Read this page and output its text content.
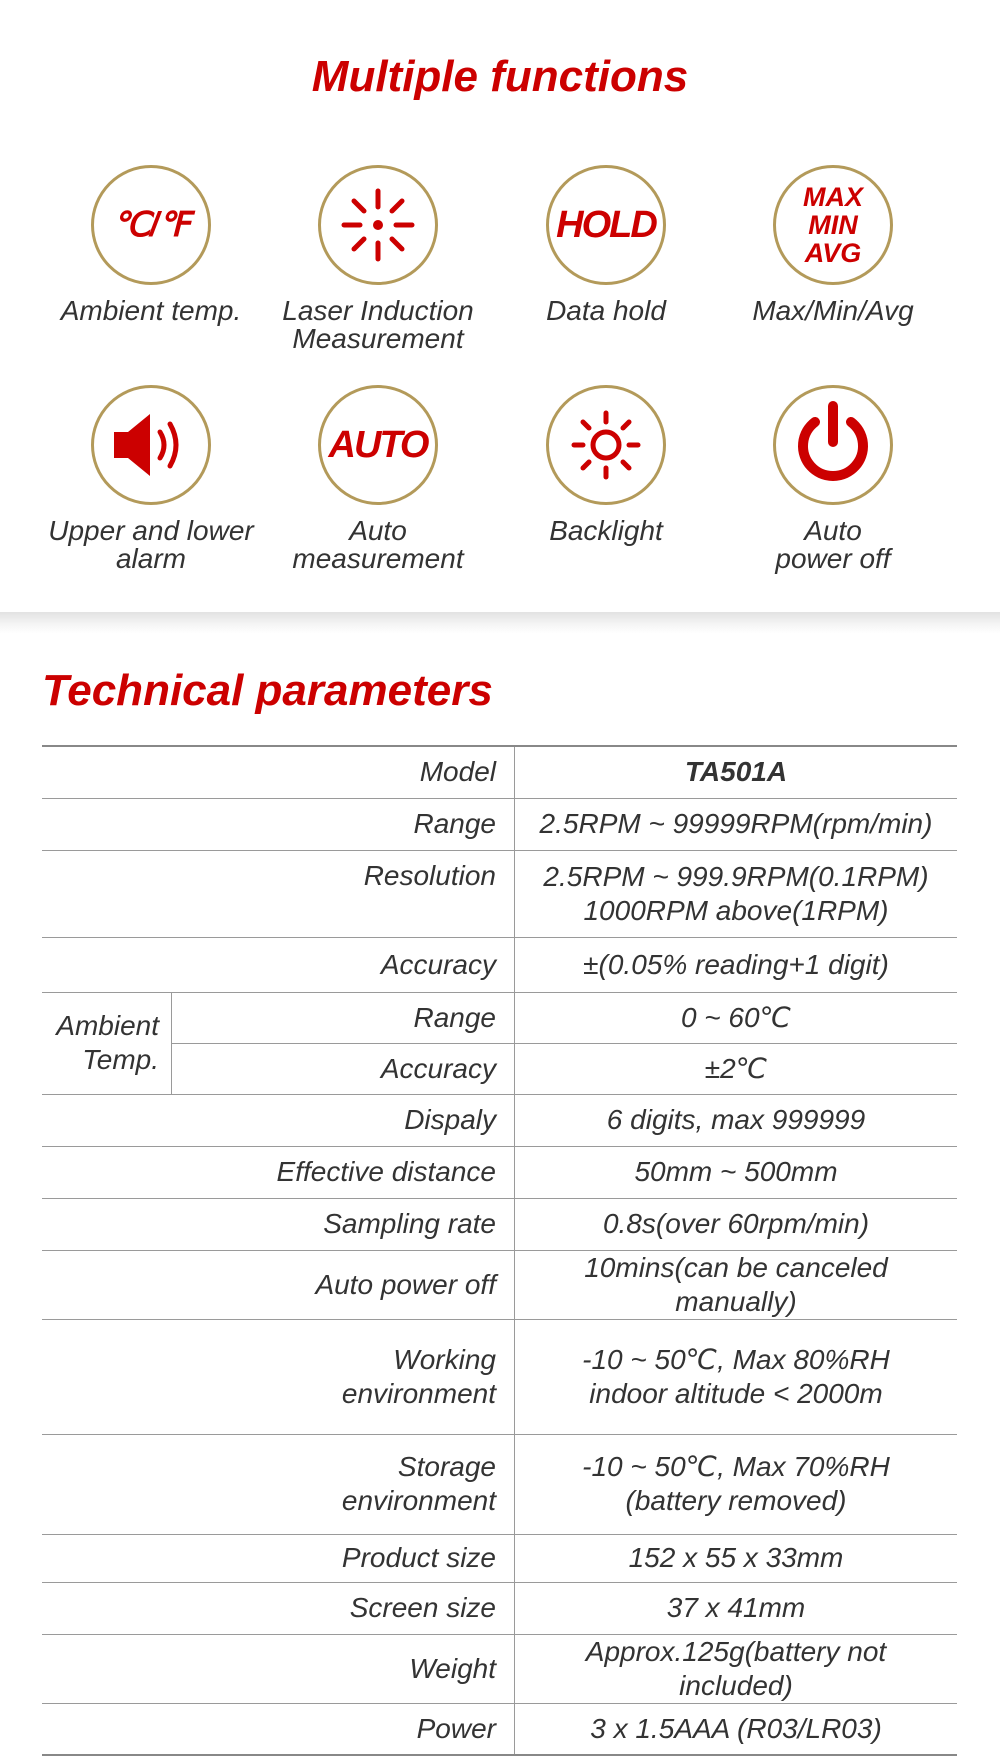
Multiple functions
℃/℉
Ambient temp.	Laser Induction
Measurement
HOLD
Data hold
MAX
MIN
AVG
Max/Min/Avg
Upper and lower
alarm
AUTO
Auto
measurement
Backlight	Auto
power off
Technical parameters
Model		TA501A
Range		2.5RPM ~ 99999RPM(rpm/min)
Resolution		2.5RPM ~ 999.9RPM(0.1RPM)
1000RPM above(1RPM)
Accuracy		±(0.05% reading+1 digit)
Ambient
Temp.	Range	0 ~ 60℃
	Accuracy	±2℃
Dispaly		6 digits, max 999999
Effective distance		50mm ~ 500mm
Sampling rate		0.8s(over 60rpm/min)
Auto power off		10mins(can be canceled manually)
Working
environment		-10 ~ 50℃, Max 80%RH
indoor altitude < 2000m
Storage
environment		-10 ~ 50℃, Max 70%RH
(battery removed)
Product size		152 x 55 x 33mm
Screen size		37 x 41mm
Weight		Approx.125g(battery not included)
Power		3 x 1.5AAA (R03/LR03)
